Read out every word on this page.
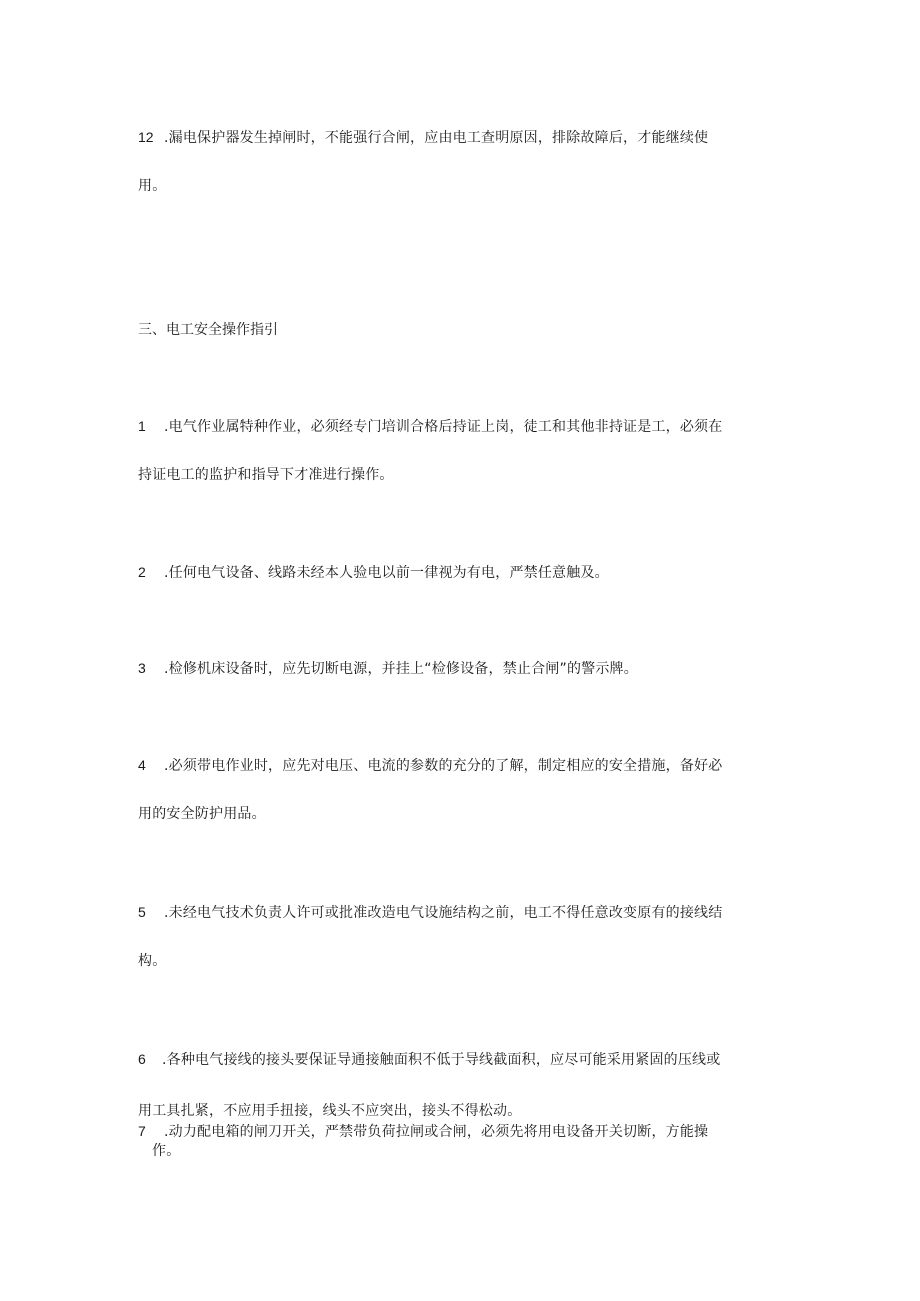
12 .漏电保护器发生掉闸时，不能强行合闸，应由电工查明原因，排除故障后，才能继续使
用。
三、电工安全操作指引
1 .电气作业属特种作业，必须经专门培训合格后持证上岗，徒工和其他非持证是工，必须在
持证电工的监护和指导下才准进行操作。
2 .任何电气设备、线路未经本人验电以前一律视为有电，严禁任意触及。
3 .检修机床设备时，应先切断电源，并挂上“检修设备，禁止合闸”的警示牌。
4 .必须带电作业时，应先对电压、电流的参数的充分的了解，制定相应的安全措施，备好必
用的安全防护用品。
5 .未经电气技术负责人许可或批准改造电气设施结构之前，电工不得任意改变原有的接线结
构。
6 .各种电气接线的接头要保证导通接触面积不低于导线截面积，应尽可能采用紧固的压线或
用工具扎紧，不应用手扭接，线头不应突出，接头不得松动。
7 .动力配电箱的闸刀开关，严禁带负荷拉闸或合闸，必须先将用电设备开关切断，方能操
作。
